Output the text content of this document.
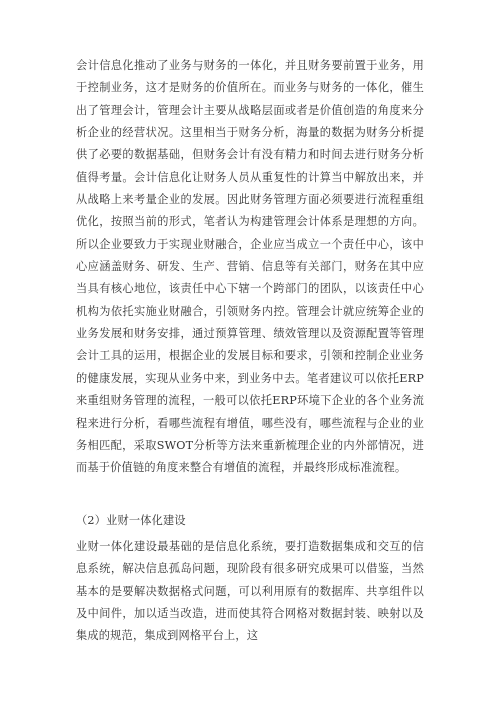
会计信息化推动了业务与财务的一体化，并且财务要前置于业务，用于控制业务，这才是财务的价值所在。而业务与财务的一体化，催生出了管理会计，管理会计主要从战略层面或者是价值创造的角度来分析企业的经营状况。这里相当于财务分析，海量的数据为财务分析提供了必要的数据基础，但财务会计有没有精力和时间去进行财务分析值得考量。会计信息化让财务人员从重复性的计算当中解放出来，并从战略上来考量企业的发展。因此财务管理方面必须要进行流程重组优化，按照当前的形式，笔者认为构建管理会计体系是理想的方向。所以企业要致力于实现业财融合，企业应当成立一个责任中心，该中心应涵盖财务、研发、生产、营销、信息等有关部门，财务在其中应当具有核心地位，该责任中心下辖一个跨部门的团队，以该责任中心机构为依托实施业财融合，引领财务内控。管理会计就应统筹企业的业务发展和财务安排，通过预算管理、绩效管理以及资源配置等管理会计工具的运用，根据企业的发展目标和要求，引领和控制企业业务的健康发展，实现从业务中来，到业务中去。笔者建议可以依托ERP来重组财务管理的流程，一般可以依托ERP环境下企业的各个业务流程来进行分析，看哪些流程有增值，哪些没有，哪些流程与企业的业务相匹配，采取SWOT分析等方法来重新梳理企业的内外部情况，进而基于价值链的角度来整合有增值的流程，并最终形成标准流程。

（2）业财一体化建设

业财一体化建设最基础的是信息化系统，要打造数据集成和交互的信息系统，解决信息孤岛问题，现阶段有很多研究成果可以借鉴，当然基本的是要解决数据格式问题，可以利用原有的数据库、共享组件以及中间件，加以适当改造，进而使其符合网格对数据封装、映射以及集成的规范，集成到网格平台上，这
